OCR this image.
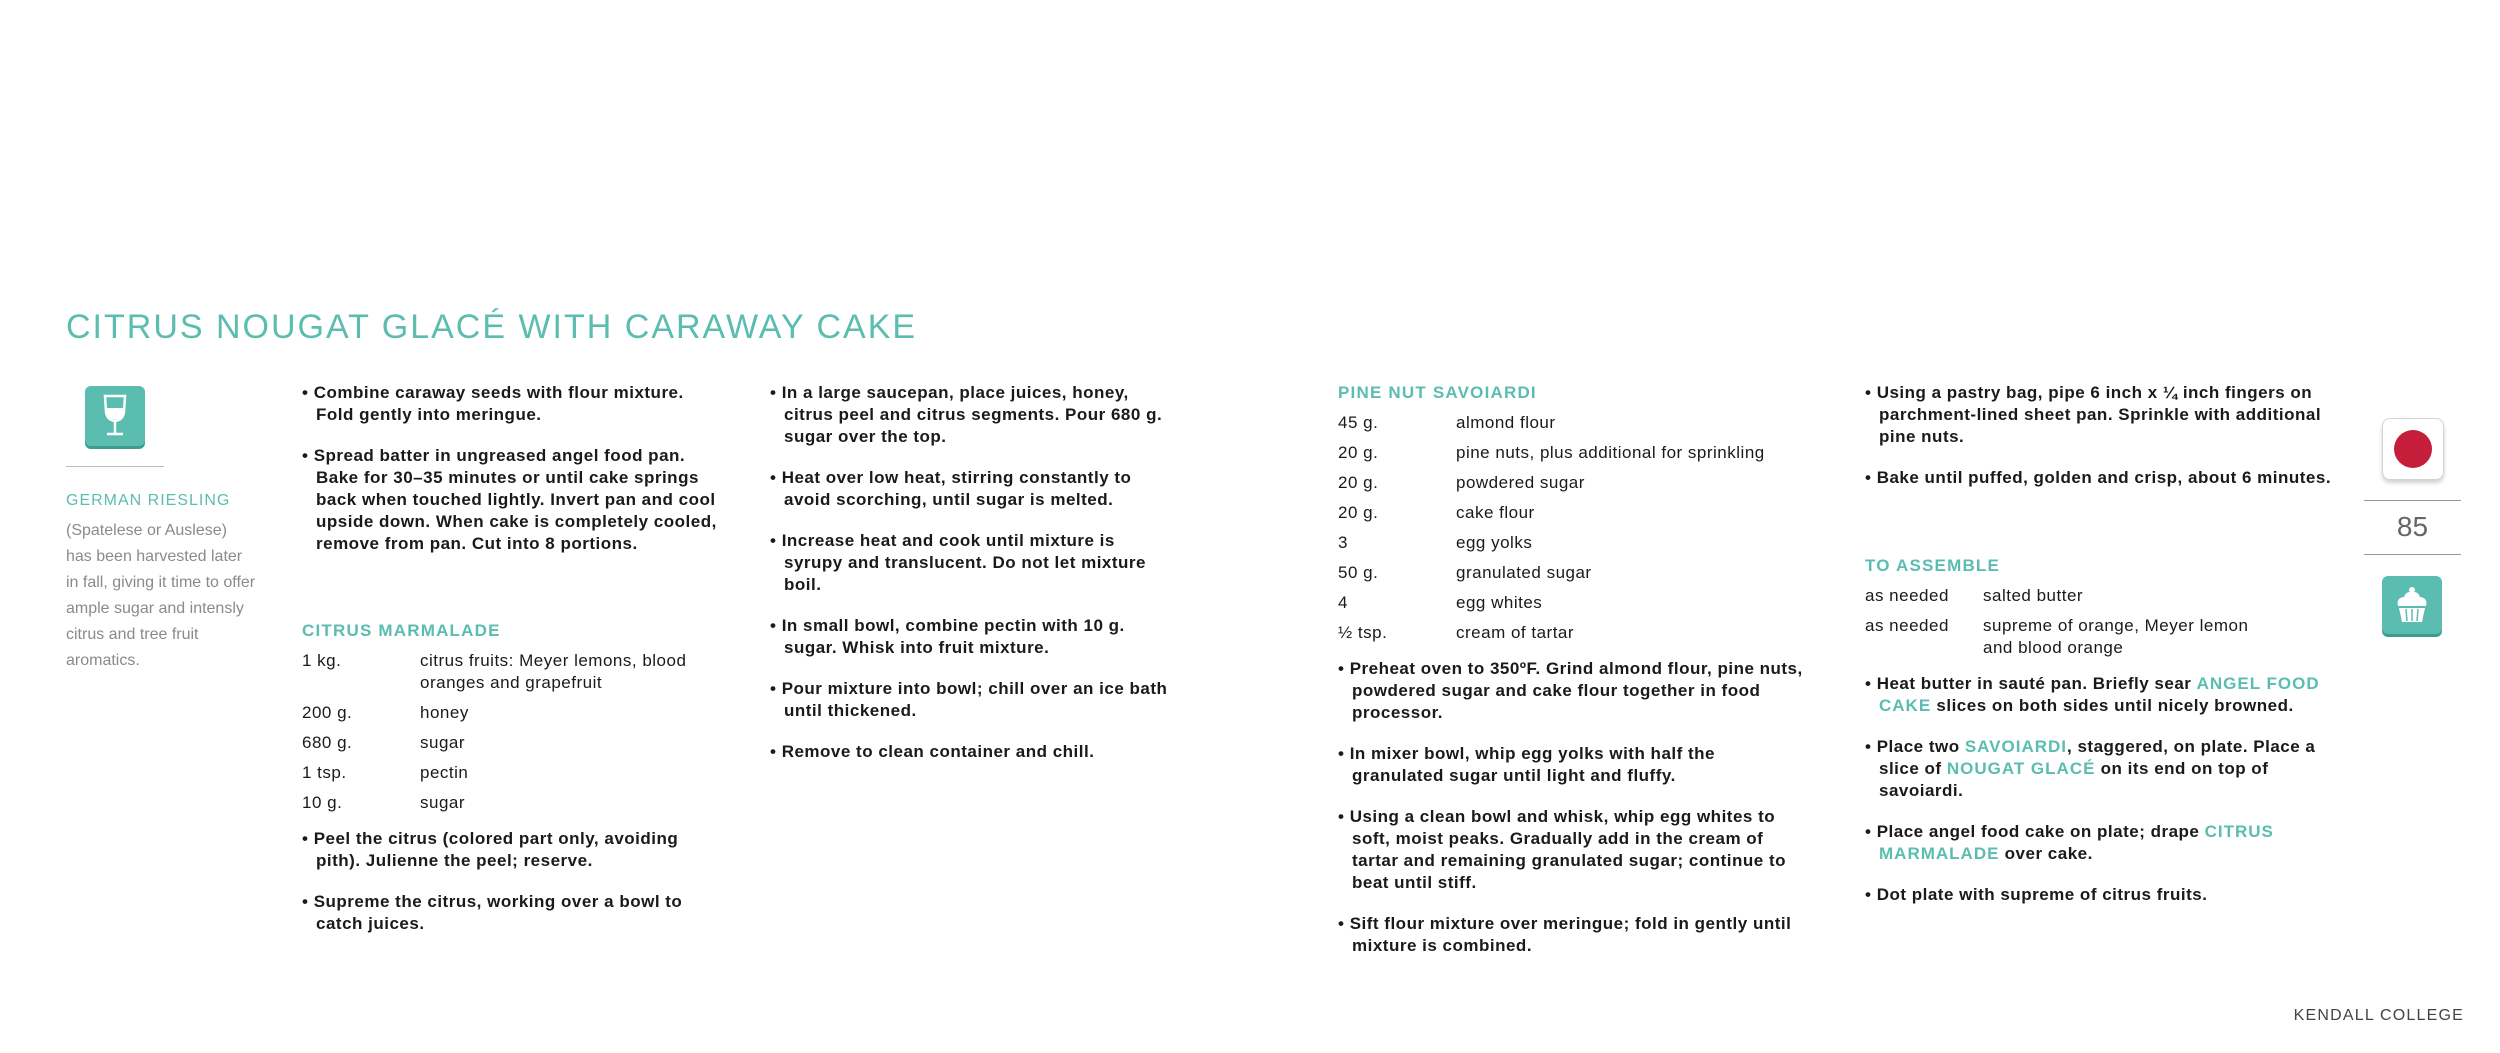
CITRUS NOUGAT GLACÉ WITH CARAWAY CAKE

GERMAN RIESLING

(Spatelese or Auslese) has been harvested later in fall, giving it time to offer ample sugar and intensly citrus and tree fruit aromatics.

• Combine caraway seeds with flour mixture. Fold gently into meringue.

• Spread batter in ungreased angel food pan. Bake for 30–35 minutes or until cake springs back when touched lightly. Invert pan and cool upside down. When cake is completely cooled, remove from pan. Cut into 8 portions.

CITRUS MARMALADE

1 kg.	citrus fruits: Meyer lemons, blood oranges and grapefruit
200 g.	honey
680 g.	sugar
1 tsp.	pectin
10 g.	sugar

• Peel the citrus (colored part only, avoiding pith). Julienne the peel; reserve.

• Supreme the citrus, working over a bowl to catch juices.

• In a large saucepan, place juices, honey, citrus peel and citrus segments. Pour 680 g. sugar over the top.

• Heat over low heat, stirring constantly to avoid scorching, until sugar is melted.

• Increase heat and cook until mixture is syrupy and translucent. Do not let mixture boil.

• In small bowl, combine pectin with 10 g. sugar. Whisk into fruit mixture.

• Pour mixture into bowl; chill over an ice bath until thickened.

• Remove to clean container and chill.

PINE NUT SAVOIARDI

45 g.	almond flour
20 g.	pine nuts, plus additional for sprinkling
20 g.	powdered sugar
20 g.	cake flour
3	egg yolks
50 g.	granulated sugar
4	egg whites
½ tsp.	cream of tartar

• Preheat oven to 350ºF. Grind almond flour, pine nuts, powdered sugar and cake flour together in food processor.

• In mixer bowl, whip egg yolks with half the granulated sugar until light and fluffy.

• Using a clean bowl and whisk, whip egg whites to soft, moist peaks. Gradually add in the cream of tartar and remaining granulated sugar; continue to beat until stiff.

• Sift flour mixture over meringue; fold in gently until mixture is combined.

• Using a pastry bag, pipe 6 inch x ¼ inch fingers on parchment-lined sheet pan. Sprinkle with additional pine nuts.

• Bake until puffed, golden and crisp, about 6 minutes.

TO ASSEMBLE

as needed	salted butter
as needed	supreme of orange, Meyer lemon and blood orange

• Heat butter in sauté pan. Briefly sear ANGEL FOOD CAKE slices on both sides until nicely browned.

• Place two SAVOIARDI, staggered, on plate. Place a slice of NOUGAT GLACÉ on its end on top of savoiardi.

• Place angel food cake on plate; drape CITRUS MARMALADE over cake.

• Dot plate with supreme of citrus fruits.

85
KENDALL COLLEGE
